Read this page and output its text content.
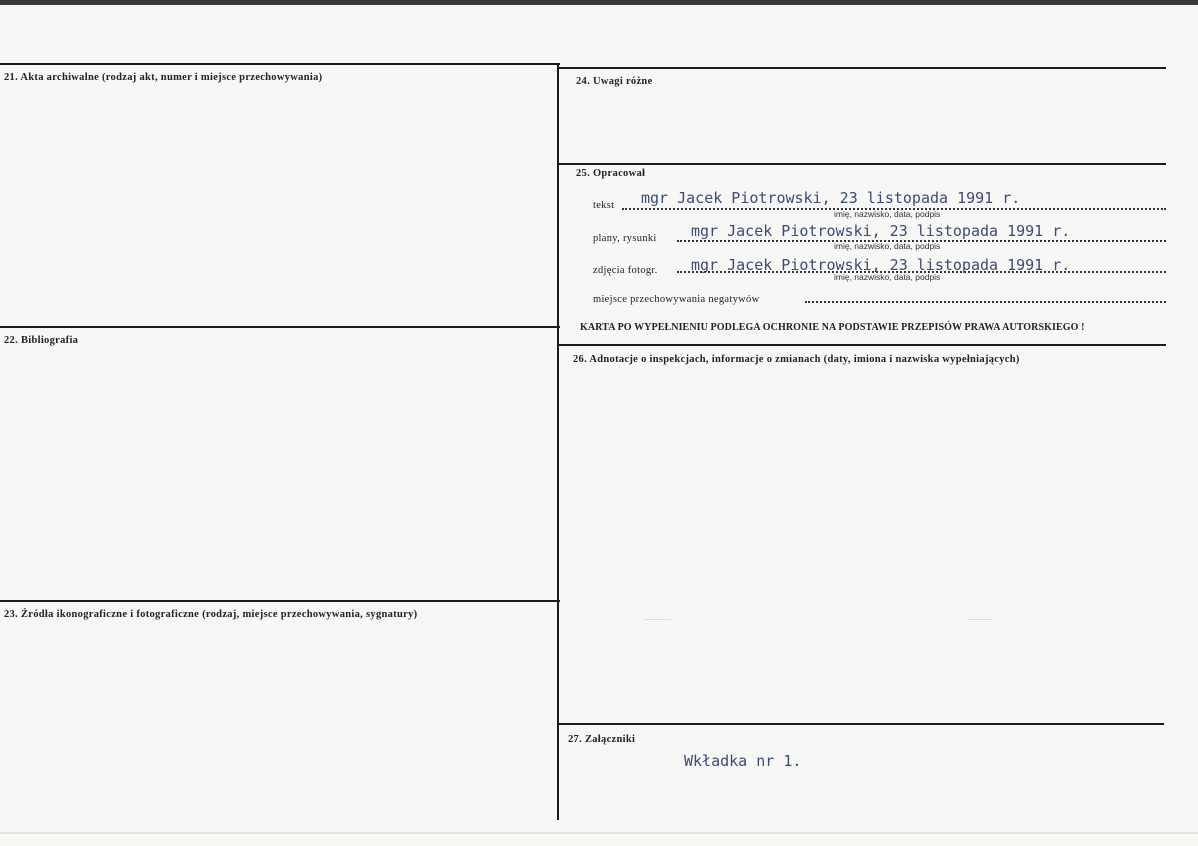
21. Akta archiwalne (rodzaj akt, numer i miejsce przechowywania)
22. Bibliografia
23. Źródła ikonograficzne i fotograficzne (rodzaj, miejsce przechowywania, sygnatury)
24. Uwagi różne
25. Opracował
tekst mgr Jacek Piotrowski, 23 listopada 1991 r.
imię, nazwisko, data, podpis
plany, rysunki mgr Jacek Piotrowski, 23 listopada 1991 r.
imię, nazwisko, data, podpis
zdjęcia fotogr. mgr Jacek Piotrowski, 23 listopada 1991 r.
imię, nazwisko, data, podpis
miejsce przechowywania negatywów
KARTA PO WYPEŁNIENIU PODLEGA OCHRONIE NA PODSTAWIE PRZEPISÓW PRAWA AUTORSKIEGO !
26. Adnotacje o inspekcjach, informacje o zmianach (daty, imiona i nazwiska wypełniających)
27. Załączniki
Wkładka nr 1.
